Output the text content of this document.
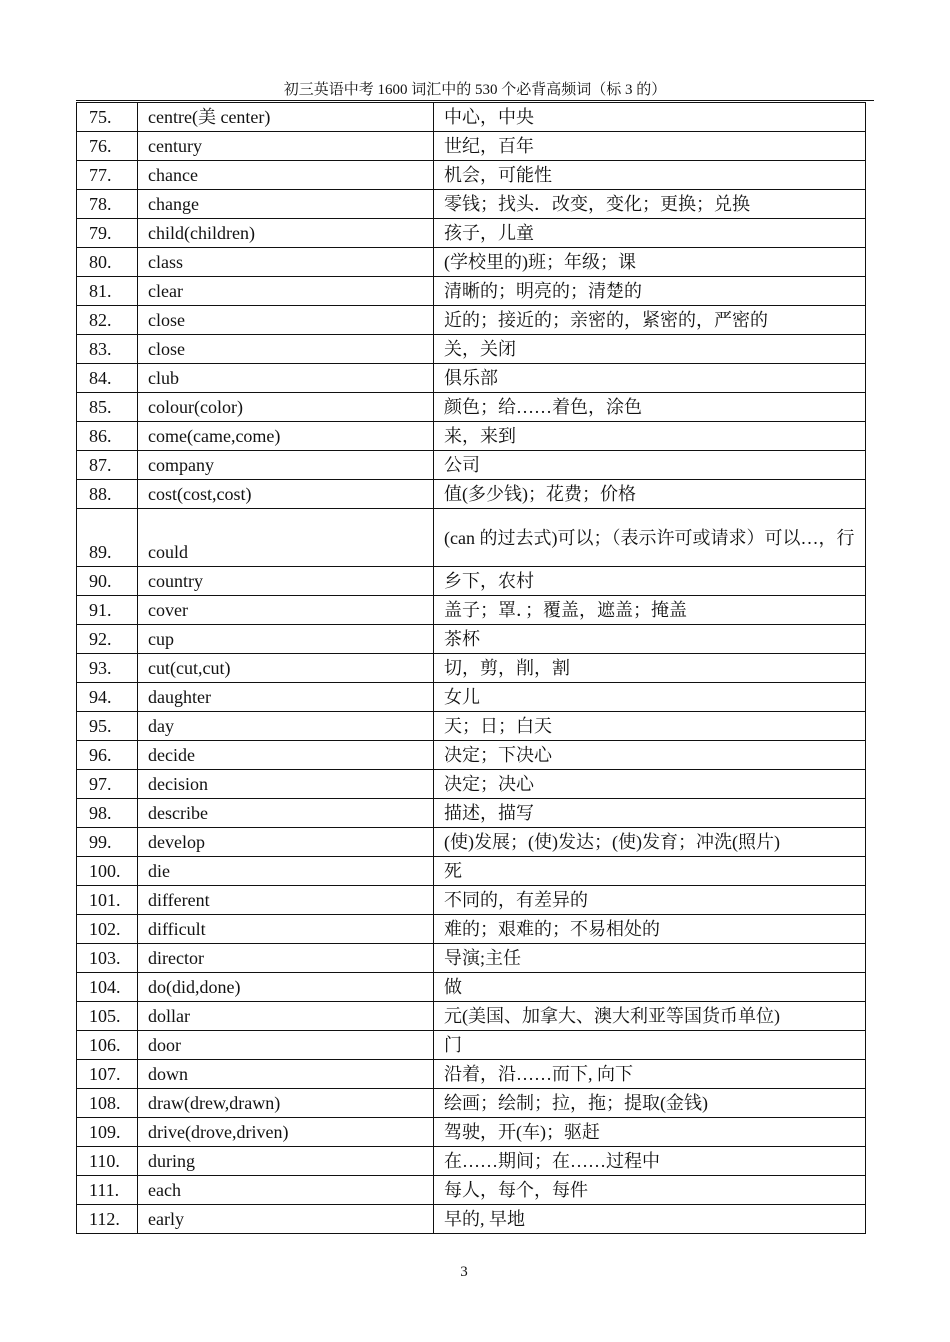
初三英语中考 1600 词汇中的 530 个必背高频词（标 3 的）
75.	centre(美 center)	中心，中央
76.	century	世纪，百年
77.	chance	机会，可能性
78.	change	零钱；找头．改变，变化；更换；兑换
79.	child(children)	孩子，儿童
80.	class	(学校里的)班；年级；课
81.	clear	清晰的；明亮的；清楚的
82.	close	近的；接近的；亲密的，紧密的，严密的
83.	close	关，关闭
84.	club	俱乐部
85.	colour(color)	颜色；给……着色，涂色
86.	come(came,come)	来，来到
87.	company	公司
88.	cost(cost,cost)	值(多少钱)；花费；价格
89.	could	(can 的过去式)可以；（表示许可或请求）可以…，行
90.	country	乡下，农村
91.	cover	盖子；罩．；覆盖，遮盖；掩盖
92.	cup	茶杯
93.	cut(cut,cut)	切，剪，削，割
94.	daughter	女儿
95.	day	天；日；白天
96.	decide	决定；下决心
97.	decision	决定；决心
98.	describe	描述，描写
99.	develop	(使)发展；(使)发达；(使)发育；冲洗(照片)
100.	die	死
101.	different	不同的，有差异的
102.	difficult	难的；艰难的；不易相处的
103.	director	导演;主任
104.	do(did,done)	做
105.	dollar	元(美国、加拿大、澳大利亚等国货币单位)
106.	door	门
107.	down	沿着，沿……而下, 向下
108.	draw(drew,drawn)	绘画；绘制；拉，拖；提取(金钱)
109.	drive(drove,driven)	驾驶，开(车)；驱赶
110.	during	在……期间；在……过程中
111.	each	每人，每个，每件
112.	early	早的, 早地
3
